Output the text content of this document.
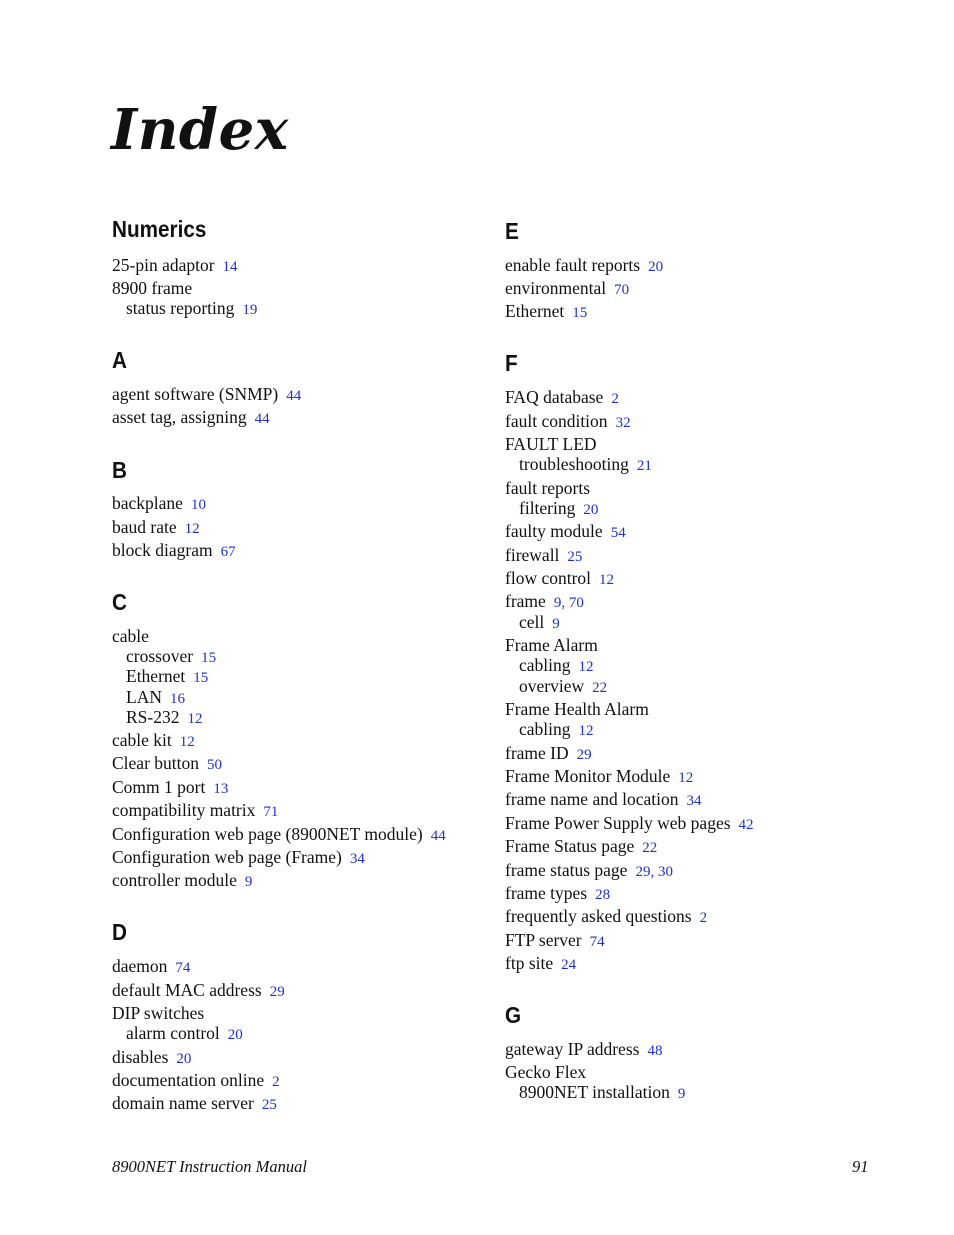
Index
Numerics
25-pin adaptor 14
8900 frame
status reporting 19
A
agent software (SNMP) 44
asset tag, assigning 44
B
backplane 10
baud rate 12
block diagram 67
C
cable
crossover 15
Ethernet 15
LAN 16
RS-232 12
cable kit 12
Clear button 50
Comm 1 port 13
compatibility matrix 71
Configuration web page (8900NET module) 44
Configuration web page (Frame) 34
controller module 9
D
daemon 74
default MAC address 29
DIP switches
alarm control 20
disables 20
documentation online 2
domain name server 25
E
enable fault reports 20
environmental 70
Ethernet 15
F
FAQ database 2
fault condition 32
FAULT LED
troubleshooting 21
fault reports
filtering 20
faulty module 54
firewall 25
flow control 12
frame 9, 70
cell 9
Frame Alarm
cabling 12
overview 22
Frame Health Alarm
cabling 12
frame ID 29
Frame Monitor Module 12
frame name and location 34
Frame Power Supply web pages 42
Frame Status page 22
frame status page 29, 30
frame types 28
frequently asked questions 2
FTP server 74
ftp site 24
G
gateway IP address 48
Gecko Flex
8900NET installation 9
8900NET Instruction Manual	91
